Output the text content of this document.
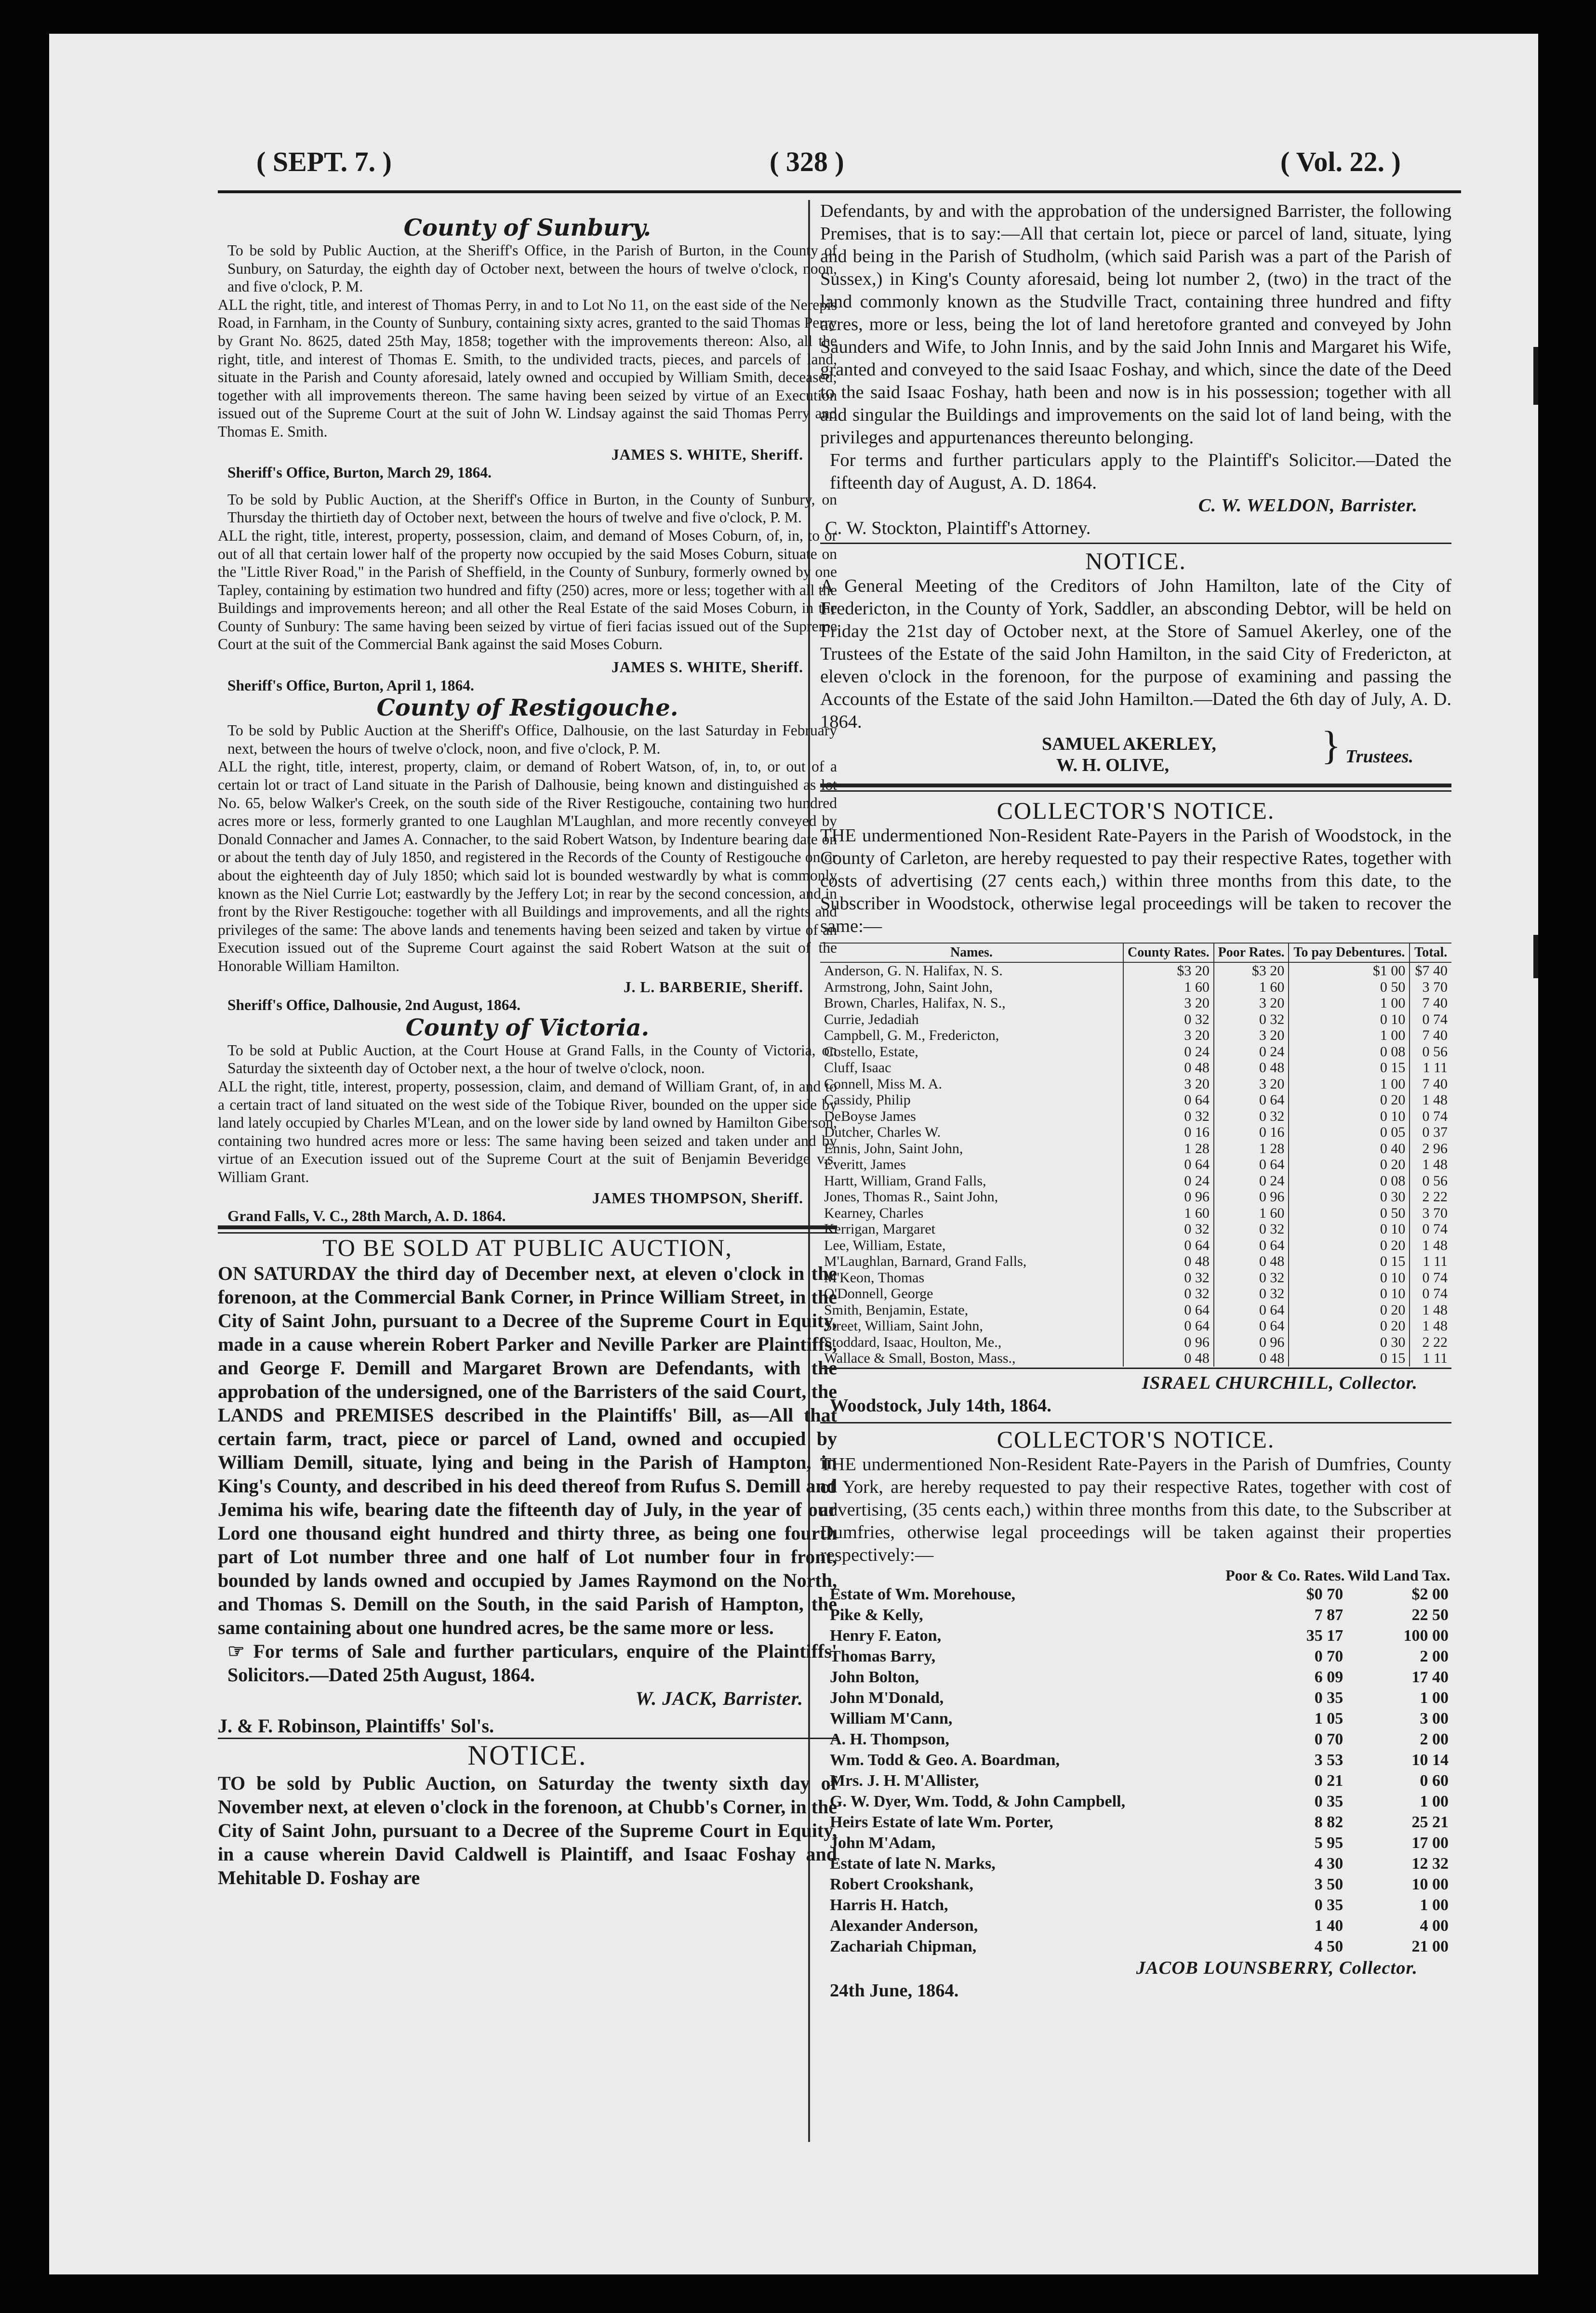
( SEPT. 7. )	( 328 )	( Vol. 22. )
County of Sunbury.

To be sold by Public Auction, at the Sheriff's Office, in the Parish of Burton, in the County of Sunbury, on Saturday, the eighth day of October next, between the hours of twelve o'clock, noon, and five o'clock, P. M.

ALL the right, title, and interest of Thomas Perry, in and to Lot No 11, on the east side of the Nerepis Road, in Farnham, in the County of Sunbury, containing sixty acres, granted to the said Thomas Perry by Grant No. 8625, dated 25th May, 1858; together with the improvements thereon: Also, all the right, title, and interest of Thomas E. Smith, to the undivided tracts, pieces, and parcels of land, situate in the Parish and County aforesaid, lately owned and occupied by William Smith, deceased; together with all improvements thereon. The same having been seized by virtue of an Execution issued out of the Supreme Court at the suit of John W. Lindsay against the said Thomas Perry and Thomas E. Smith.

JAMES S. WHITE, Sheriff.
Sheriff's Office, Burton, March 29, 1864.

To be sold by Public Auction, at the Sheriff's Office in Burton, in the County of Sunbury, on Thursday the thirtieth day of October next, between the hours of twelve and five o'clock, P. M.

ALL the right, title, interest, property, possession, claim, and demand of Moses Coburn, of, in, to or out of all that certain lower half of the property now occupied by the said Moses Coburn, situate on the "Little River Road," in the Parish of Sheffield, in the County of Sunbury, formerly owned by one Tapley, containing by estimation two hundred and fifty (250) acres, more or less; together with all the Buildings and improvements hereon; and all other the Real Estate of the said Moses Coburn, in the County of Sunbury: The same having been seized by virtue of fieri facias issued out of the Supreme Court at the suit of the Commercial Bank against the said Moses Coburn.

JAMES S. WHITE, Sheriff.
Sheriff's Office, Burton, April 1, 1864.
County of Restigouche.

To be sold by Public Auction at the Sheriff's Office, Dalhousie, on the last Saturday in February next, between the hours of twelve o'clock, noon, and five o'clock, P. M.

ALL the right, title, interest, property, claim, or demand of Robert Watson, of, in, to, or out of a certain lot or tract of Land situate in the Parish of Dalhousie, being known and distinguished as lot No. 65, below Walker's Creek, on the south side of the River Restigouche, containing two hundred acres more or less, formerly granted to one Laughlan M'Laughlan, and more recently conveyed by Donald Connacher and James A. Connacher, to the said Robert Watson, by Indenture bearing date on or about the tenth day of July 1850, and registered in the Records of the County of Restigouche on or about the eighteenth day of July 1850; which said lot is bounded westwardly by what is commonly known as the Niel Currie Lot; eastwardly by the Jeffery Lot; in rear by the second concession, and in front by the River Restigouche: together with all Buildings and improvements, and all the rights and privileges of the same: The above lands and tenements having been seized and taken by virtue of an Execution issued out of the Supreme Court against the said Robert Watson at the suit of the Honorable William Hamilton.

J. L. BARBERIE, Sheriff.
Sheriff's Office, Dalhousie, 2nd August, 1864.
County of Victoria.

To be sold at Public Auction, at the Court House at Grand Falls, in the County of Victoria, on Saturday the sixteenth day of October next, a the hour of twelve o'clock, noon.

ALL the right, title, interest, property, possession, claim, and demand of William Grant, of, in and to a certain tract of land situated on the west side of the Tobique River, bounded on the upper side by land lately occupied by Charles M'Lean, and on the lower side by land owned by Hamilton Giberson, containing two hundred acres more or less: The same having been seized and taken under and by virtue of an Execution issued out of the Supreme Court at the suit of Benjamin Beveridge v.s. William Grant.

JAMES THOMPSON, Sheriff.
Grand Falls, V. C., 28th March, A. D. 1864.
TO BE SOLD AT PUBLIC AUCTION,

ON SATURDAY the third day of December next, at eleven o'clock in the forenoon, at the Commercial Bank Corner, in Prince William Street, in the City of Saint John, pursuant to a Decree of the Supreme Court in Equity, made in a cause wherein Robert Parker and Neville Parker are Plaintiffs, and George F. Demill and Margaret Brown are Defendants, with the approbation of the undersigned, one of the Barristers of the said Court, the LANDS and PREMISES described in the Plaintiffs' Bill, as—All that certain farm, tract, piece or parcel of Land, owned and occupied by William Demill, situate, lying and being in the Parish of Hampton, in King's County, and described in his deed thereof from Rufus S. Demill and Jemima his wife, bearing date the fifteenth day of July, in the year of our Lord one thousand eight hundred and thirty three, as being one fourth part of Lot number three and one half of Lot number four in front, bounded by lands owned and occupied by James Raymond on the North, and Thomas S. Demill on the South, in the said Parish of Hampton, the same containing about one hundred acres, be the same more or less.

☞ For terms of Sale and further particulars, enquire of the Plaintiffs' Solicitors.—Dated 25th August, 1864.

W. JACK, Barrister.
J. & F. Robinson, Plaintiffs' Sol's.
NOTICE.

TO be sold by Public Auction, on Saturday the twenty sixth day of November next, at eleven o'clock in the forenoon, at Chubb's Corner, in the City of Saint John, pursuant to a Decree of the Supreme Court in Equity, in a cause wherein David Caldwell is Plaintiff, and Isaac Foshay and Mehitable D. Foshay are

Defendants, by and with the approbation of the undersigned Barrister, the following Premises, that is to say:—All that certain lot, piece or parcel of land, situate, lying and being in the Parish of Studholm, (which said Parish was a part of the Parish of Sussex,) in King's County aforesaid, being lot number 2, (two) in the tract of the land commonly known as the Studville Tract, containing three hundred and fifty acres, more or less, being the lot of land heretofore granted and conveyed by John Saunders and Wife, to John Innis, and by the said John Innis and Margaret his Wife, granted and conveyed to the said Isaac Foshay, and which, since the date of the Deed to the said Isaac Foshay, hath been and now is in his possession; together with all and singular the Buildings and improvements on the said lot of land being, with the privileges and appurtenances thereunto belonging.

For terms and further particulars apply to the Plaintiff's Solicitor.—Dated the fifteenth day of August, A. D. 1864.

C. W. WELDON, Barrister.
C. W. Stockton, Plaintiff's Attorney.
NOTICE.

A General Meeting of the Creditors of John Hamilton, late of the City of Fredericton, in the County of York, Saddler, an absconding Debtor, will be held on Friday the 21st day of October next, at the Store of Samuel Akerley, one of the Trustees of the Estate of the said John Hamilton, in the said City of Fredericton, at eleven o'clock in the forenoon, for the purpose of examining and passing the Accounts of the Estate of the said John Hamilton.—Dated the 6th day of July, A. D. 1864.

SAMUEL AKERLEY,
W. H. OLIVE,	} Trustees.
COLLECTOR'S NOTICE.

THE undermentioned Non-Resident Rate-Payers in the Parish of Woodstock, in the County of Carleton, are hereby requested to pay their respective Rates, together with costs of advertising (27 cents each,) within three months from this date, to the Subscriber in Woodstock, otherwise legal proceedings will be taken to recover the same:—

Names.	County Rates.	Poor Rates.	To pay Debentures.	Total.
Anderson, G. N. Halifax, N. S.	$3 20	$3 20	$1 00	$7 40
Armstrong, John, Saint John,	1 60	1 60	0 50	3 70
Brown, Charles, Halifax, N. S.,	3 20	3 20	1 00	7 40
Currie, Jedadiah	0 32	0 32	0 10	0 74
Campbell, G. M., Fredericton,	3 20	3 20	1 00	7 40
Costello, Estate,	0 24	0 24	0 08	0 56
Cluff, Isaac	0 48	0 48	0 15	1 11
Connell, Miss M. A.	3 20	3 20	1 00	7 40
Cassidy, Philip	0 64	0 64	0 20	1 48
DeBoyse James	0 32	0 32	0 10	0 74
Dutcher, Charles W.	0 16	0 16	0 05	0 37
Ennis, John, Saint John,	1 28	1 28	0 40	2 96
Everitt, James	0 64	0 64	0 20	1 48
Hartt, William, Grand Falls,	0 24	0 24	0 08	0 56
Jones, Thomas R., Saint John,	0 96	0 96	0 30	2 22
Kearney, Charles	1 60	1 60	0 50	3 70
Kerrigan, Margaret	0 32	0 32	0 10	0 74
Lee, William, Estate,	0 64	0 64	0 20	1 48
M'Laughlan, Barnard, Grand Falls,	0 48	0 48	0 15	1 11
M'Keon, Thomas	0 32	0 32	0 10	0 74
O'Donnell, George	0 32	0 32	0 10	0 74
Smith, Benjamin, Estate,	0 64	0 64	0 20	1 48
Street, William, Saint John,	0 64	0 64	0 20	1 48
Stoddard, Isaac, Houlton, Me.,	0 96	0 96	0 30	2 22
Wallace & Small, Boston, Mass.,	0 48	0 48	0 15	1 11
ISRAEL CHURCHILL, Collector.
Woodstock, July 14th, 1864.
COLLECTOR'S NOTICE.

THE undermentioned Non-Resident Rate-Payers in the Parish of Dumfries, County of York, are hereby requested to pay their respective Rates, together with cost of advertising, (35 cents each,) within three months from this date, to the Subscriber at Dumfries, otherwise legal proceedings will be taken against their properties respectively:—

	Poor & Co. Rates.	Wild Land Tax.
Estate of Wm. Morehouse,	$0 70	$2 00
Pike & Kelly,	7 87	22 50
Henry F. Eaton,	35 17	100 00
Thomas Barry,	0 70	2 00
John Bolton,	6 09	17 40
John M'Donald,	0 35	1 00
William M'Cann,	1 05	3 00
A. H. Thompson,	0 70	2 00
Wm. Todd & Geo. A. Boardman,	3 53	10 14
Mrs. J. H. M'Allister,	0 21	0 60
G. W. Dyer, Wm. Todd, & John Campbell,	0 35	1 00
Heirs Estate of late Wm. Porter,	8 82	25 21
John M'Adam,	5 95	17 00
Estate of late N. Marks,	4 30	12 32
Robert Crookshank,	3 50	10 00
Harris H. Hatch,	0 35	1 00
Alexander Anderson,	1 40	4 00
Zachariah Chipman,	4 50	21 00
JACOB LOUNSBERRY, Collector.
24th June, 1864.
